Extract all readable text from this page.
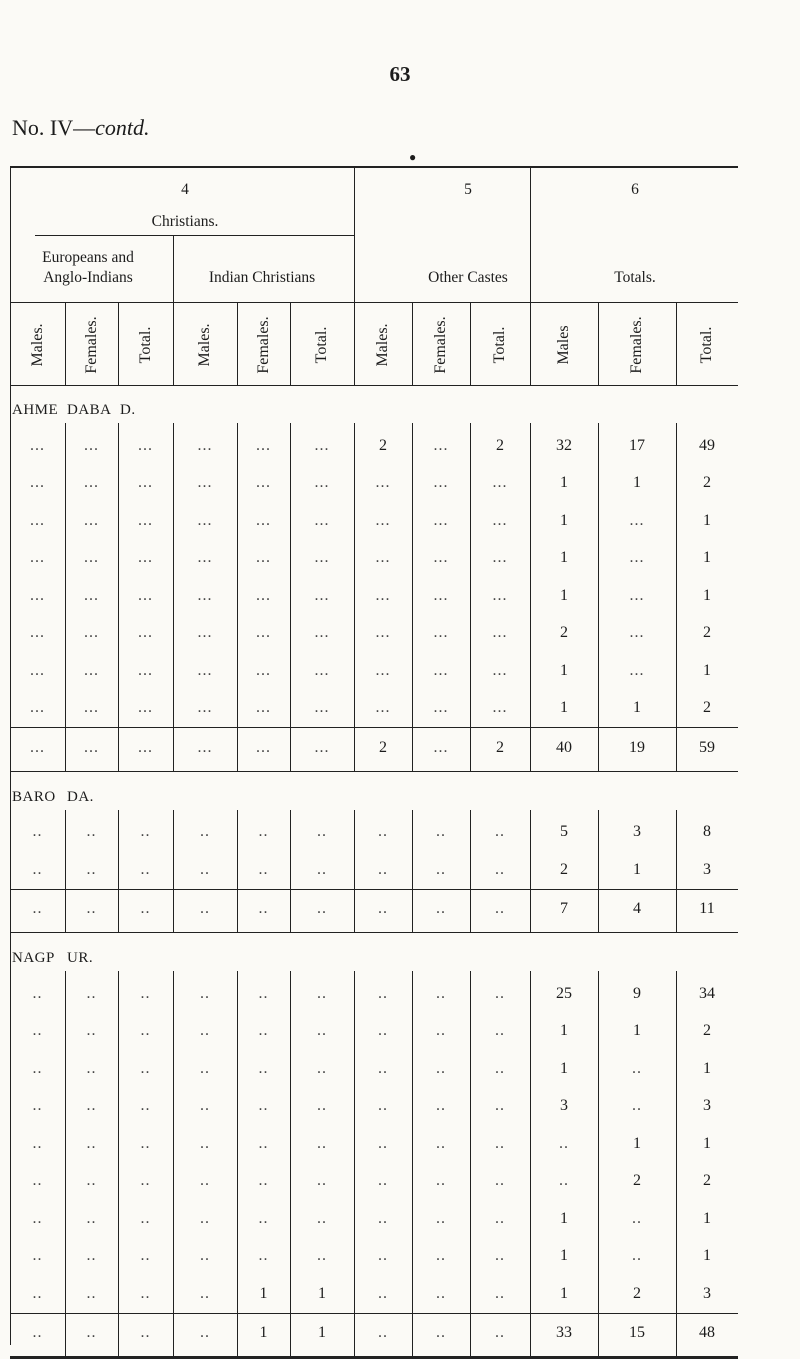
63
No. IV—contd.
●
4
Christians.
5	6
Europeans and
Anglo-Indians	Indian Christians	Other Castes	Totals.
Males. Females. Total.	Males.	Females.	Total.	Males.	Females.	Total.	Males	Females.	Total.
AHME DABA D.
... ... ...	...	...	...	2	...	2	32	17	49
... ... ...	...	...	...	...	...	...	1	1	2
... ... ...	...	...	...	...	...	...	1	...	1
... ... ...	...	...	...	...	...	...	1	...	1
... ... ...	...	...	...	...	...	...	1	...	1
... ... ...	...	...	...	...	...	...	2	...	2
... ... ...	...	...	...	...	...	...	1	...	1
... ... ...	...	...	...	...	...	...	1	1	2
... ... ...	...	...	...	2	...	2	40	19	59
BARO DA.
..	..	..	..	..	..	..	..	..	5	3	8
..	..	..	..	..	..	..	..	..	2	1	3
..	..	..	..	..	..	..	..	..	7	4	11
NAGP UR.
..	..	..	..	..	..	..	..	..	25	9	34
..	..	..	..	..	..	..	..	..	1	1	2
..	..	..	..	..	..	..	..	..	1	..	1
..	..	..	..	..	..	..	..	..	3	..	3
..	..	..	..	..	..	..	..	..	..	1	1
..	..	..	..	..	..	..	..	..	..	2	2
..	..	..	..	..	..	..	..	..	1	..	1
..	..	..	..	..	..	..	..	..	1	..	1
..	..	..	..	1	1	..	..	..	1	2	3
..	..	..	..	1	1	..	..	..	33	15	48
